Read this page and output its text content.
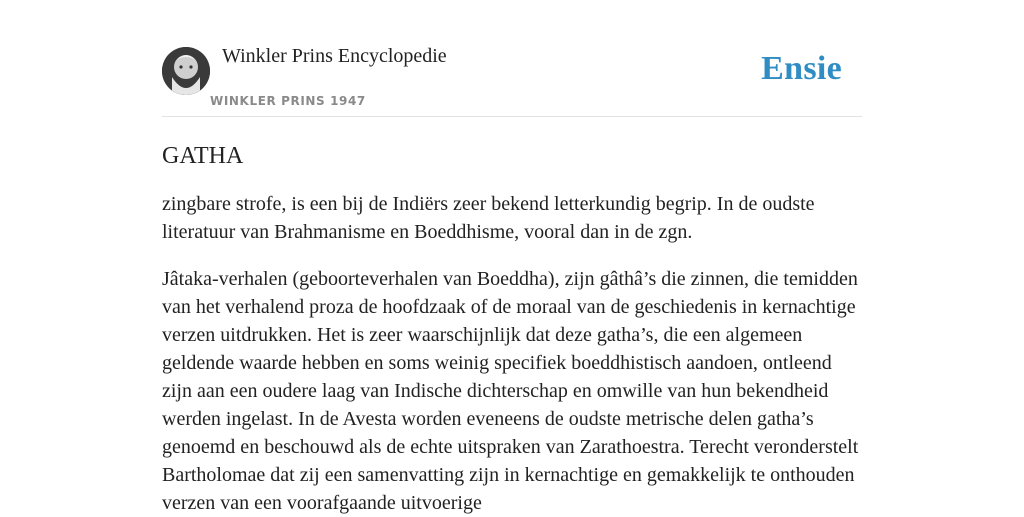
Winkler Prins Encyclopedie
WINKLER PRINS 1947
Ensie
GATHA

zingbare strofe, is een bij de Indiërs zeer bekend letterkundig begrip. In de oudste literatuur van Brahmanisme en Boeddhisme, vooral dan in de zgn.

Jâtaka-verhalen (geboorteverhalen van Boeddha), zijn gâthâ’s die zinnen, die temidden van het verhalend proza de hoofdzaak of de moraal van de geschiedenis in kernachtige verzen uitdrukken. Het is zeer waarschijnlijk dat deze gatha’s, die een algemeen geldende waarde hebben en soms weinig specifiek boeddhistisch aandoen, ontleend zijn aan een oudere laag van Indische dichterschap en omwille van hun bekendheid werden ingelast. In de Avesta worden eveneens de oudste metrische delen gatha’s genoemd en beschouwd als de echte uitspraken van Zarathoestra. Terecht veronderstelt Bartholomae dat zij een samenvatting zijn in kernachtige en gemakkelijk te onthouden verzen van een voorafgaande uitvoerige
